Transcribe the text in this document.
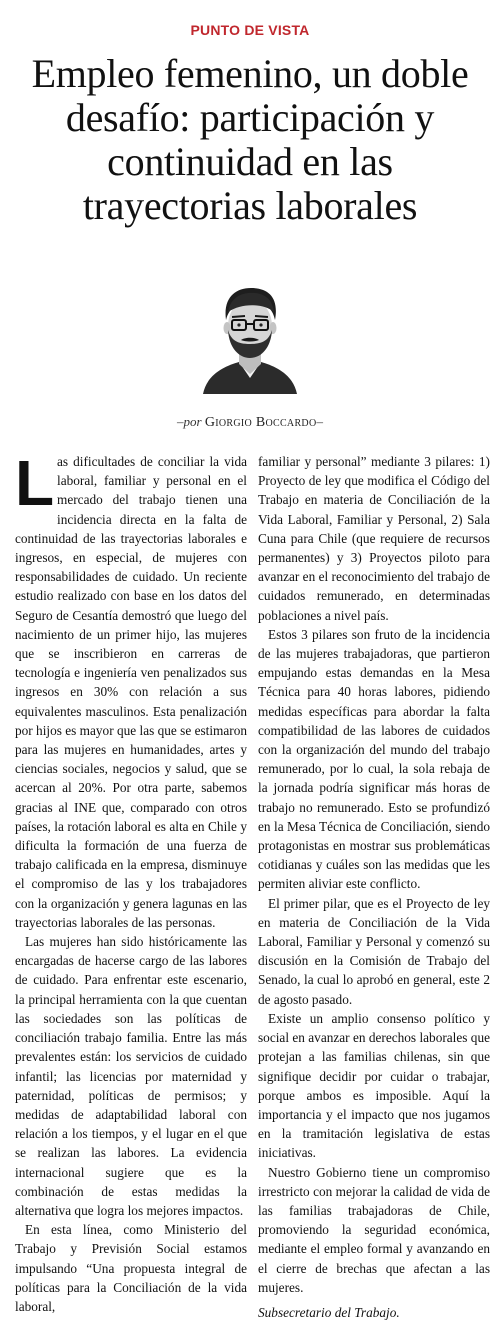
PUNTO DE VISTA
Empleo femenino, un doble desafío: participación y continuidad en las trayectorias laborales
–por Giorgio Boccardo–

Las dificultades de conciliar la vida laboral, familiar y personal en el mercado del trabajo tienen una incidencia directa en la falta de continuidad de las trayectorias laborales e ingresos, en especial, de mujeres con responsabilidades de cuidado. Un reciente estudio realizado con base en los datos del Seguro de Cesantía demostró que luego del nacimiento de un primer hijo, las mujeres que se inscribieron en carreras de tecnología e ingeniería ven penalizados sus ingresos en 30% con relación a sus equivalentes masculinos. Esta penalización por hijos es mayor que las que se estimaron para las mujeres en humanidades, artes y ciencias sociales, negocios y salud, que se acercan al 20%. Por otra parte, sabemos gracias al INE que, comparado con otros países, la rotación laboral es alta en Chile y dificulta la formación de una fuerza de trabajo calificada en la empresa, disminuye el compromiso de las y los trabajadores con la organización y genera lagunas en las trayectorias laborales de las personas.

Las mujeres han sido históricamente las encargadas de hacerse cargo de las labores de cuidado. Para enfrentar este escenario, la principal herramienta con la que cuentan las sociedades son las políticas de conciliación trabajo familia. Entre las más prevalentes están: los servicios de cuidado infantil; las licencias por maternidad y paternidad, políticas de permisos; y medidas de adaptabilidad laboral con relación a los tiempos, y el lugar en el que se realizan las labores. La evidencia internacional sugiere que es la combinación de estas medidas la alternativa que logra los mejores impactos.

En esta línea, como Ministerio del Trabajo y Previsión Social estamos impulsando “Una propuesta integral de políticas para la Conciliación de la vida laboral,

familiar y personal” mediante 3 pilares: 1) Proyecto de ley que modifica el Código del Trabajo en materia de Conciliación de la Vida Laboral, Familiar y Personal, 2) Sala Cuna para Chile (que requiere de recursos permanentes) y 3) Proyectos piloto para avanzar en el reconocimiento del trabajo de cuidados remunerado, en determinadas poblaciones a nivel país.

Estos 3 pilares son fruto de la incidencia de las mujeres trabajadoras, que partieron empujando estas demandas en la Mesa Técnica para 40 horas labores, pidiendo medidas específicas para abordar la falta compatibilidad de las labores de cuidados con la organización del mundo del trabajo remunerado, por lo cual, la sola rebaja de la jornada podría significar más horas de trabajo no remunerado. Esto se profundizó en la Mesa Técnica de Conciliación, siendo protagonistas en mostrar sus problemáticas cotidianas y cuáles son las medidas que les permiten aliviar este conflicto.

El primer pilar, que es el Proyecto de ley en materia de Conciliación de la Vida Laboral, Familiar y Personal y comenzó su discusión en la Comisión de Trabajo del Senado, la cual lo aprobó en general, este 2 de agosto pasado.

Existe un amplio consenso político y social en avanzar en derechos laborales que protejan a las familias chilenas, sin que signifique decidir por cuidar o trabajar, porque ambos es imposible. Aquí la importancia y el impacto que nos jugamos en la tramitación legislativa de estas iniciativas.

Nuestro Gobierno tiene un compromiso irrestricto con mejorar la calidad de vida de las familias trabajadoras de Chile, promoviendo la seguridad económica, mediante el empleo formal y avanzando en el cierre de brechas que afectan a las mujeres.

Subsecretario del Trabajo.
